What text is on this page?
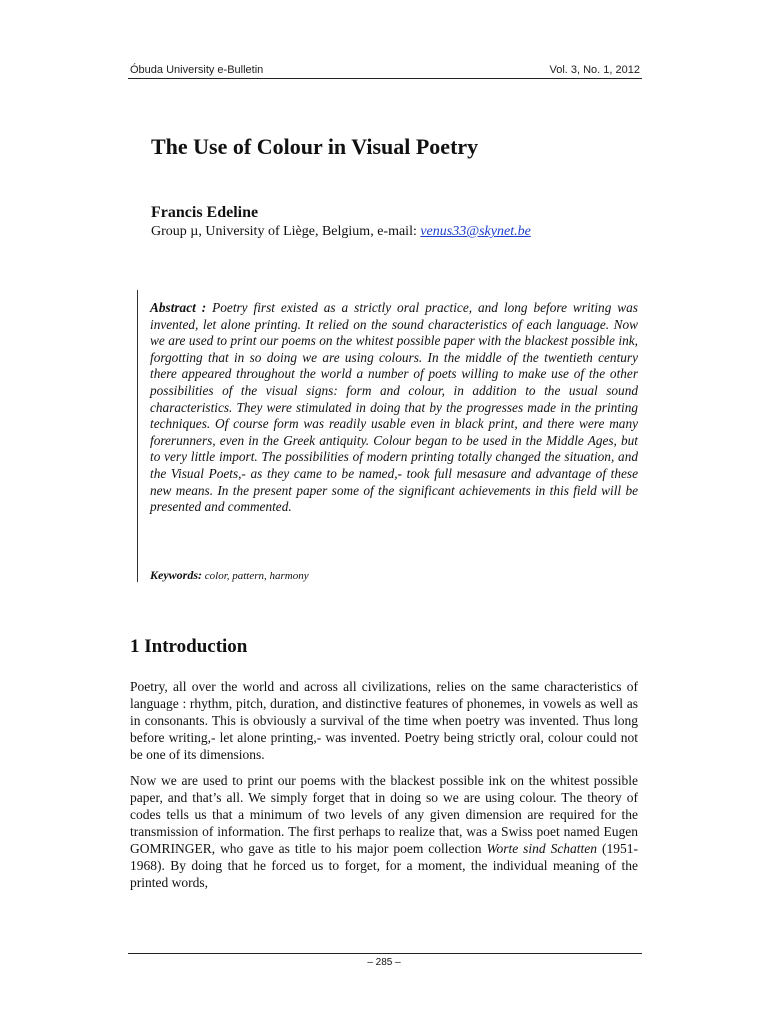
Óbuda University e-Bulletin	Vol. 3, No. 1, 2012
The Use of Colour in Visual Poetry
Francis Edeline
Group µ, University of Liège, Belgium, e-mail: venus33@skynet.be

Abstract : Poetry first existed as a strictly oral practice, and long before writing was invented, let alone printing. It relied on the sound characteristics of each language. Now we are used to print our poems on the whitest possible paper with the blackest possible ink, forgotting that in so doing we are using colours. In the middle of the twentieth century there appeared throughout the world a number of poets willing to make use of the other possibilities of the visual signs: form and colour, in addition to the usual sound characteristics. They were stimulated in doing that by the progresses made in the printing techniques. Of course form was readily usable even in black print, and there were many forerunners, even in the Greek antiquity. Colour began to be used in the Middle Ages, but to very little import. The possibilities of modern printing totally changed the situation, and the Visual Poets,- as they came to be named,- took full mesasure and advantage of these new means. In the present paper some of the significant achievements in this field will be presented and commented.

Keywords: color, pattern, harmony
1 Introduction

Poetry, all over the world and across all civilizations, relies on the same characteristics of language : rhythm, pitch, duration, and distinctive features of phonemes, in vowels as well as in consonants. This is obviously a survival of the time when poetry was invented. Thus long before writing,- let alone printing,- was invented. Poetry being strictly oral, colour could not be one of its dimensions.

Now we are used to print our poems with the blackest possible ink on the whitest possible paper, and that’s all. We simply forget that in doing so we are using colour. The theory of codes tells us that a minimum of two levels of any given dimension are required for the transmission of information. The first perhaps to realize that, was a Swiss poet named Eugen GOMRINGER, who gave as title to his major poem collection Worte sind Schatten (1951-1968). By doing that he forced us to forget, for a moment, the individual meaning of the printed words,

– 285 –
